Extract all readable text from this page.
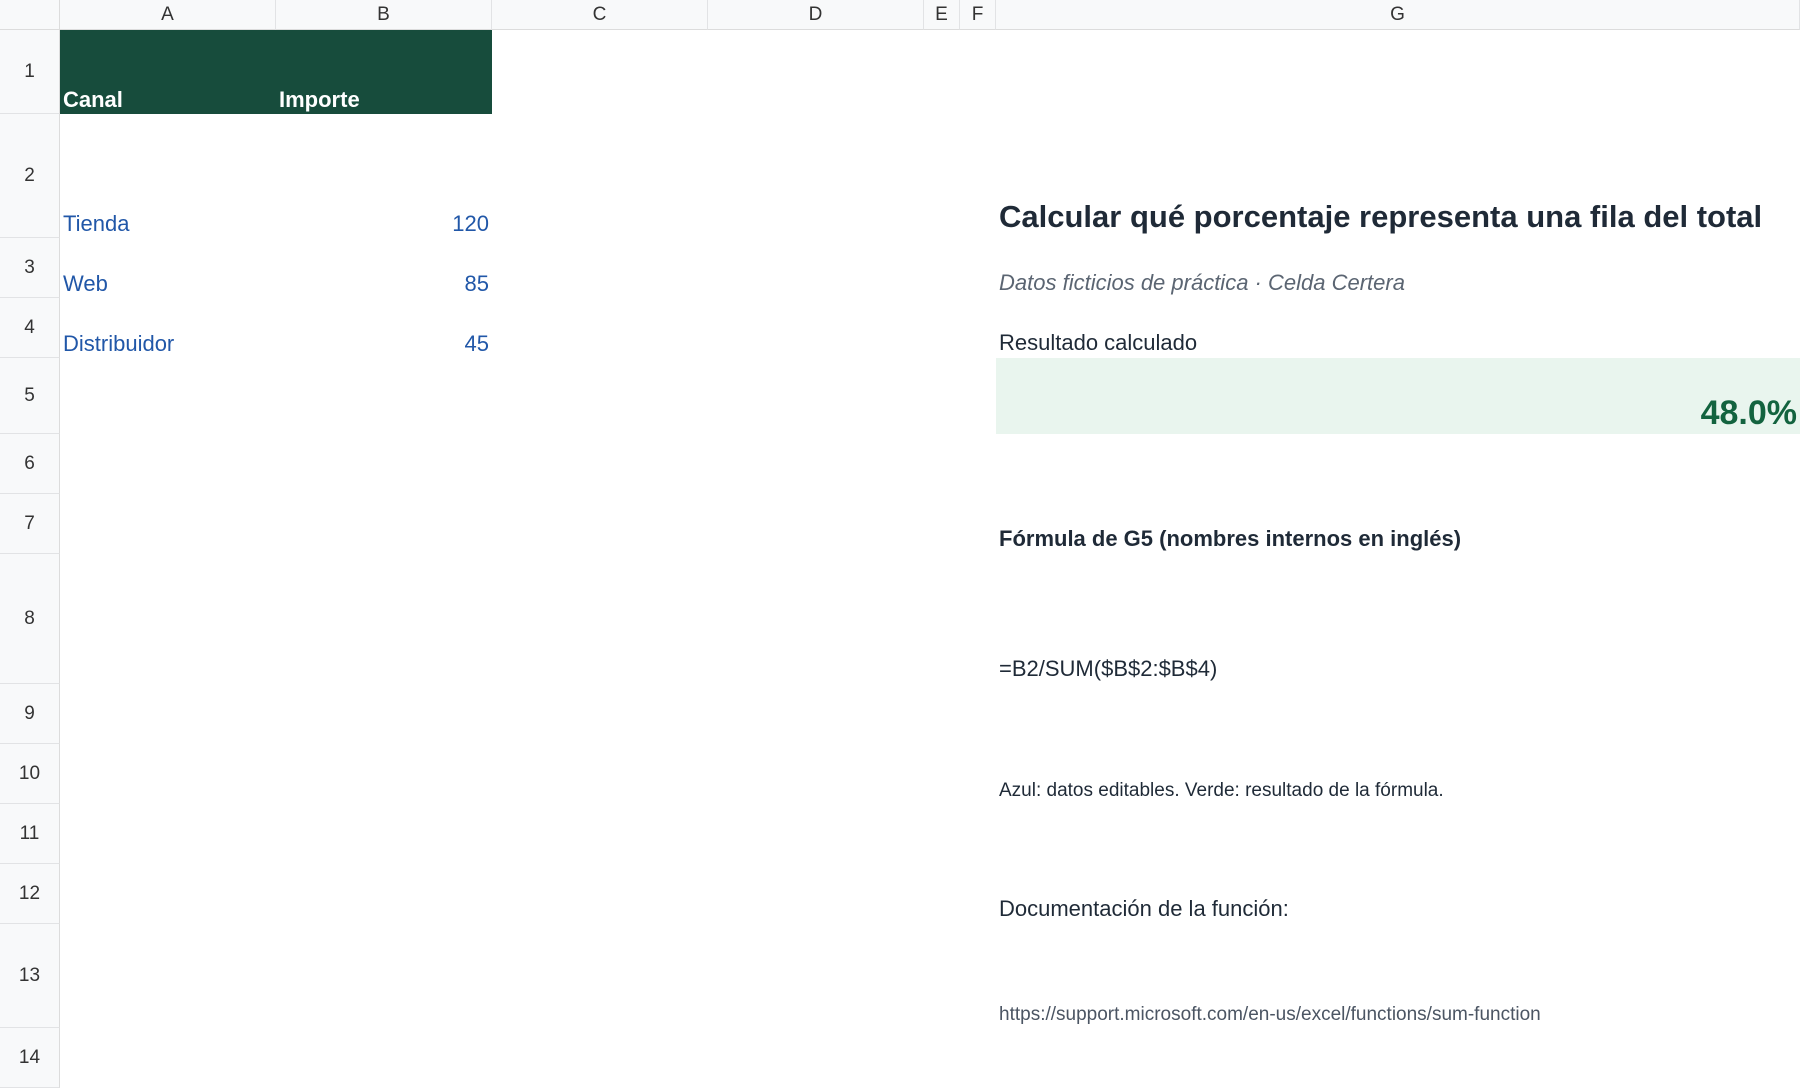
A	B	C	D	E	F	G
1
2
3
4
5
6
7
8
9
10
11
12
13
14
Canal	Importe
Tienda	120
Web	85
Distribuidor	45
Calcular qué porcentaje representa una fila del total
Datos ficticios de práctica · Celda Certera
Resultado calculado
48.0%
Fórmula de G5 (nombres internos en inglés)
=B2/SUM($B$2:$B$4)
Azul: datos editables. Verde: resultado de la fórmula.
Documentación de la función:
https://support.microsoft.com/en-us/excel/functions/sum-function
